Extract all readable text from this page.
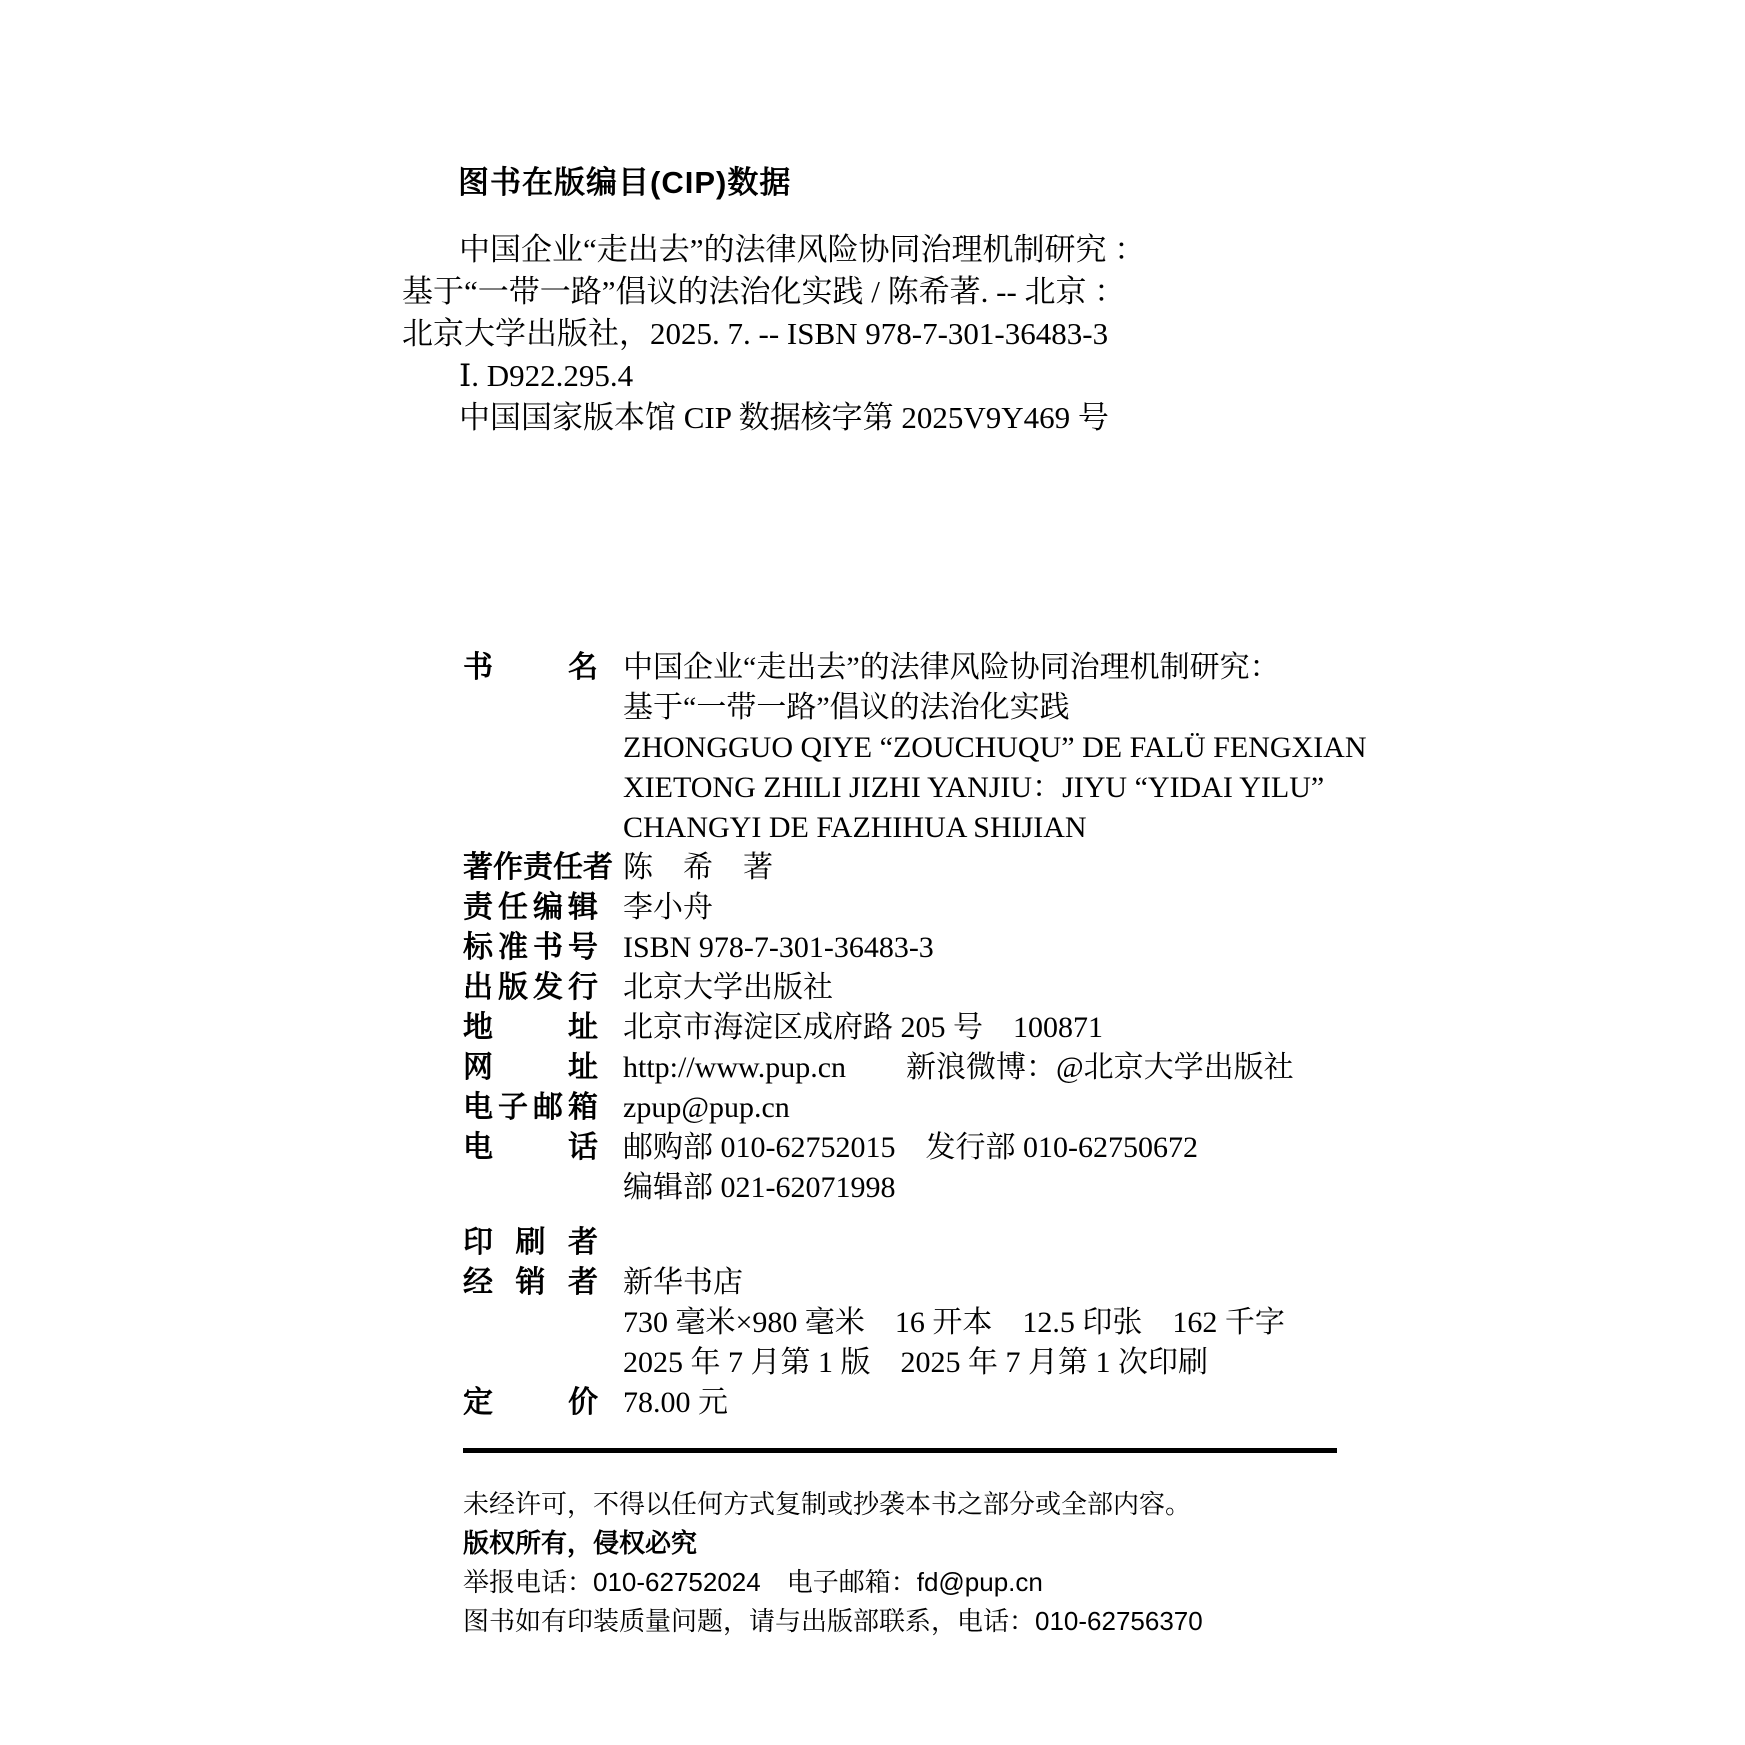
图书在版编目(CIP)数据
中国企业“走出去”的法律风险协同治理机制研究 ：
基于“一带一路”倡议的法治化实践 / 陈希著. -- 北京 ：
北京大学出版社，2025. 7. -- ISBN 978-7-301-36483-3
Ⅰ. D922.295.4
中国国家版本馆 CIP 数据核字第 2025V9Y469 号
书	名 中国企业“走出去”的法律风险协同治理机制研究：
基于“一带一路”倡议的法治化实践
ZHONGGUO QIYE “ZOUCHUQU” DE FALÜ FENGXIAN
XIETONG ZHILI JIZHI YANJIU：JIYU “YIDAI YILU”
CHANGYI DE FAZHIHUA SHIJIAN
著 作 责 任 者 陈　希　著
责 任 编 辑 李小舟
标 准 书 号 ISBN 978-7-301-36483-3
出 版 发 行 北京大学出版社
地	址 北京市海淀区成府路 205 号　100871
网	址 http://www.pup.cn　　新浪微博：@北京大学出版社
电 子 邮 箱 zpup@pup.cn
电	话 邮购部 010-62752015　发行部 010-62750672
编辑部 021-62071998
印 刷 者
经 销 者 新华书店
730 毫米×980 毫米　16 开本　12.5 印张　162 千字
2025 年 7 月第 1 版　2025 年 7 月第 1 次印刷
定	价 78.00 元
未经许可，不得以任何方式复制或抄袭本书之部分或全部内容。
版权所有，侵权必究
举报电话：010-62752024　电子邮箱：fd@pup.cn
图书如有印装质量问题，请与出版部联系，电话：010-62756370
